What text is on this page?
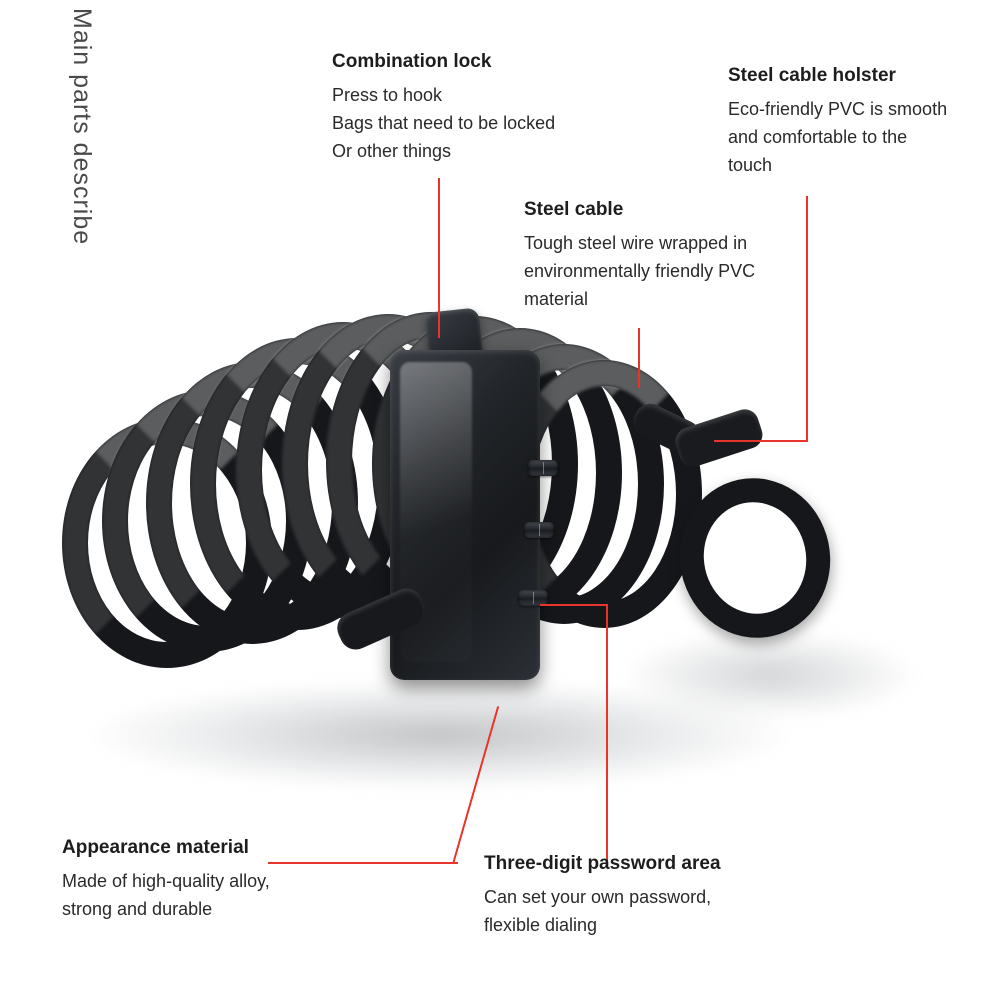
Main parts describe	Combination lock
Press to hook
Bags that need to be locked
Or other things
Steel cable holster
Eco-friendly PVC is smooth
and comfortable to the
touch
Steel cable
Tough steel wire wrapped in
environmentally friendly PVC
material
Appearance material
Made of high-quality alloy,
strong and durable
Three-digit password area
Can set your own password,
flexible dialing
